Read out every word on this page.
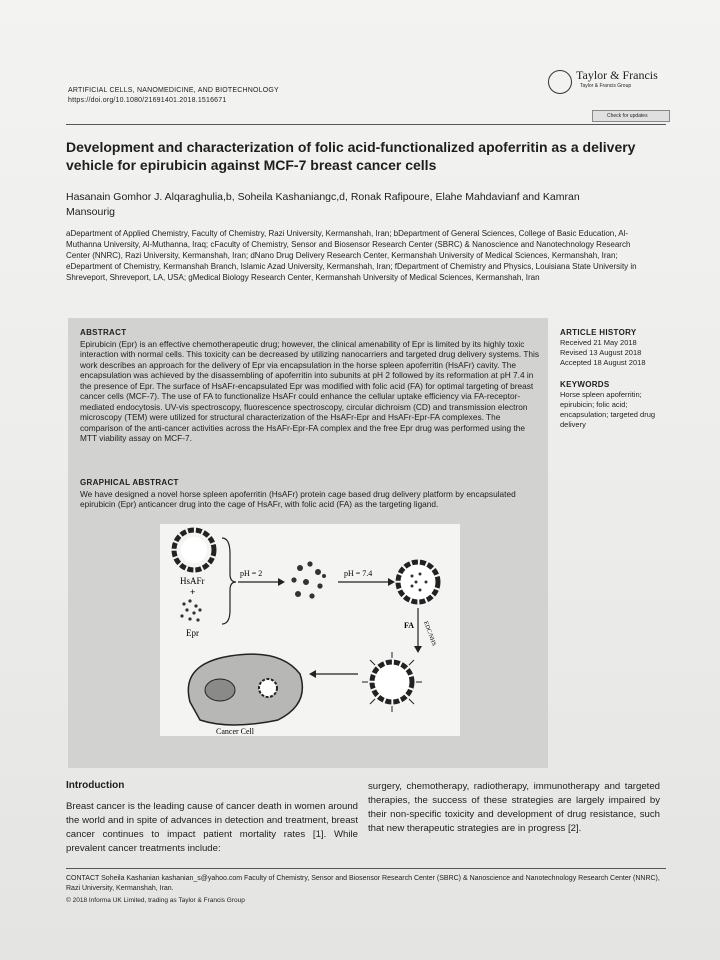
ARTIFICIAL CELLS, NANOMEDICINE, AND BIOTECHNOLOGY
https://doi.org/10.1080/21691401.2018.1516671
Taylor & Francis
Taylor & Francis Group
Check for updates
Development and characterization of folic acid-functionalized apoferritin as a delivery vehicle for epirubicin against MCF-7 breast cancer cells
Hasanain Gomhor J. Alqaraghulia,b, Soheila Kashaniangc,d, Ronak Rafipoure, Elahe Mahdavianf and Kamran Mansourig
aDepartment of Applied Chemistry, Faculty of Chemistry, Razi University, Kermanshah, Iran; bDepartment of General Sciences, College of Basic Education, Al-Muthanna University, Al-Muthanna, Iraq; cFaculty of Chemistry, Sensor and Biosensor Research Center (SBRC) & Nanoscience and Nanotechnology Research Center (NNRC), Razi University, Kermanshah, Iran; dNano Drug Delivery Research Center, Kermanshah University of Medical Sciences, Kermanshah, Iran; eDepartment of Chemistry, Kermanshah Branch, Islamic Azad University, Kermanshah, Iran; fDepartment of Chemistry and Physics, Louisiana State University in Shreveport, Shreveport, LA, USA; gMedical Biology Research Center, Kermanshah University of Medical Sciences, Kermanshah, Iran
ABSTRACT
Epirubicin (Epr) is an effective chemotherapeutic drug; however, the clinical amenability of Epr is limited by its highly toxic interaction with normal cells. This toxicity can be decreased by utilizing nanocarriers and targeted drug delivery systems. This work describes an approach for the delivery of Epr via encapsulation in the horse spleen apoferritin (HsAFr) cavity. The encapsulation was achieved by the disassembling of apoferritin into subunits at pH 2 followed by its reformation at pH 7.4 in the presence of Epr. The surface of HsAFr-encapsulated Epr was modified with folic acid (FA) for optimal targeting of breast cancer cells (MCF-7). The use of FA to functionalize HsAFr could enhance the cellular uptake efficiency via FA-receptor-mediated endocytosis. UV-vis spectroscopy, fluorescence spectroscopy, circular dichroism (CD) and transmission electron microscopy (TEM) were utilized for structural characterization of the HsAFr-Epr and HsAFr-Epr-FA complexes. The comparison of the anti-cancer activities across the HsAFr-Epr-FA complex and the free Epr drug was performed using the MTT viability assay on MCF-7.
GRAPHICAL ABSTRACT
We have designed a novel horse spleen apoferritin (HsAFr) protein cage based drug delivery platform by encapsulated epirubicin (Epr) anticancer drug into the cage of HsAFr, with folic acid (FA) as the targeting ligand.
ARTICLE HISTORY
Received 21 May 2018
Revised 13 August 2018
Accepted 18 August 2018
KEYWORDS
Horse spleen apoferritin; epirubicin; folic acid; encapsulation; targeted drug delivery
HsAFr
+
Epr
pH = 2	pH = 7.4
FA EDC/NHS
Cancer Cell
Introduction
Breast cancer is the leading cause of cancer death in women around the world and in spite of advances in detection and treatment, breast cancer continues to impact patient mortality rates [1]. While prevalent cancer treatments include:
surgery, chemotherapy, radiotherapy, immunotherapy and targeted therapies, the success of these strategies are largely impaired by their non-specific toxicity and development of drug resistance, such that new therapeutic strategies are in progress [2].
CONTACT Soheila Kashanian kashanian_s@yahoo.com Faculty of Chemistry, Sensor and Biosensor Research Center (SBRC) & Nanoscience and Nanotechnology Research Center (NNRC), Razi University, Kermanshah, Iran.
© 2018 Informa UK Limited, trading as Taylor & Francis Group
